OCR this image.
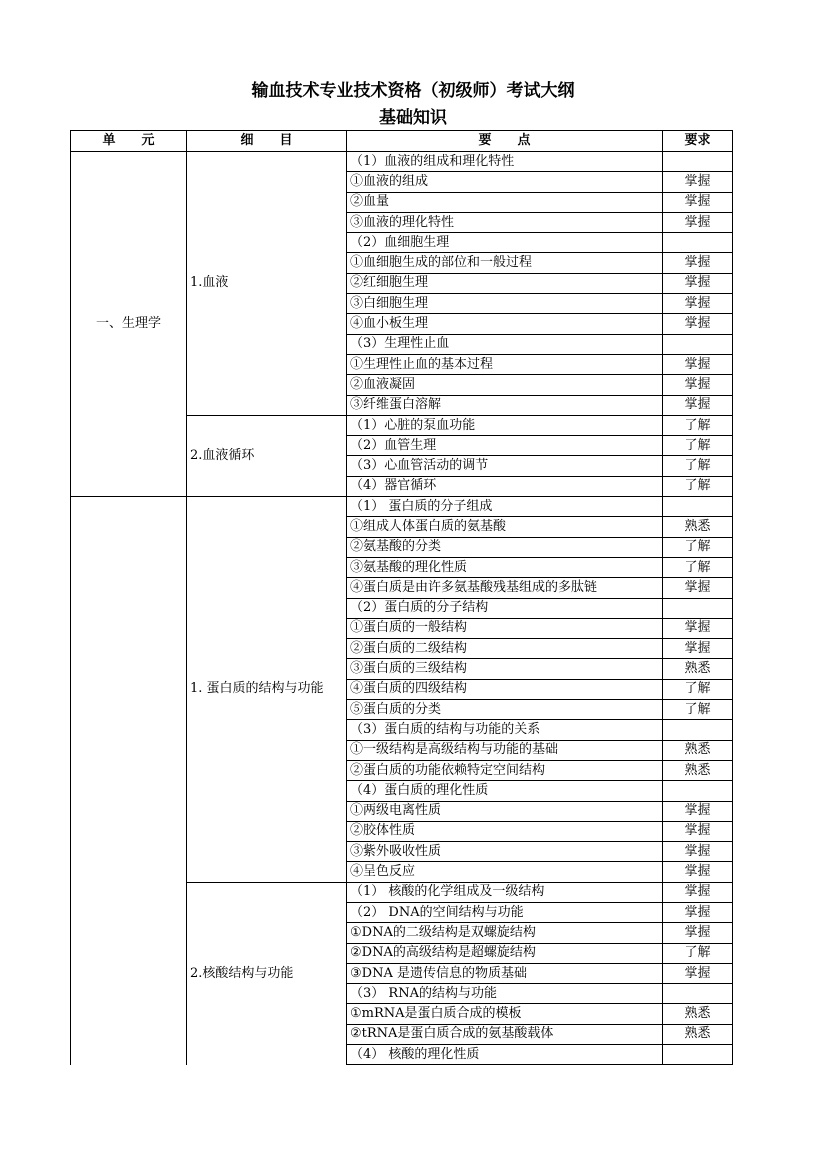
输血技术专业技术资格（初级师）考试大纲
基础知识
单　　元	细　　目	要　　点	要求
一、生理学	1.血液	（1）血液的组成和理化特性	
		①血液的组成	掌握
		②血量	掌握
		③血液的理化特性	掌握
		（2）血细胞生理	
		①血细胞生成的部位和一般过程	掌握
		②红细胞生理	掌握
		③白细胞生理	掌握
		④血小板生理	掌握
		（3）生理性止血	
		①生理性止血的基本过程	掌握
		②血液凝固	掌握
		③纤维蛋白溶解	掌握
	2.血液循环	（1）心脏的泵血功能	了解
		（2）血管生理	了解
		（3）心血管活动的调节	了解
		（4）器官循环	了解
	1. 蛋白质的结构与功能	（1） 蛋白质的分子组成	
		①组成人体蛋白质的氨基酸	熟悉
		②氨基酸的分类	了解
		③氨基酸的理化性质	了解
		④蛋白质是由许多氨基酸残基组成的多肽链	掌握
		（2）蛋白质的分子结构	
		①蛋白质的一般结构	掌握
		②蛋白质的二级结构	掌握
		③蛋白质的三级结构	熟悉
		④蛋白质的四级结构	了解
		⑤蛋白质的分类	了解
		（3）蛋白质的结构与功能的关系	
		①一级结构是高级结构与功能的基础	熟悉
		②蛋白质的功能依赖特定空间结构	熟悉
		（4）蛋白质的理化性质	
		①两级电离性质	掌握
		②胶体性质	掌握
		③紫外吸收性质	掌握
		④呈色反应	掌握
	2.核酸结构与功能	（1） 核酸的化学组成及一级结构	掌握
		（2） DNA的空间结构与功能	掌握
		①DNA的二级结构是双螺旋结构	掌握
		②DNA的高级结构是超螺旋结构	了解
		③DNA 是遗传信息的物质基础	掌握
		（3） RNA的结构与功能	
		①mRNA是蛋白质合成的模板	熟悉
		②tRNA是蛋白质合成的氨基酸载体	熟悉
		（4） 核酸的理化性质	
